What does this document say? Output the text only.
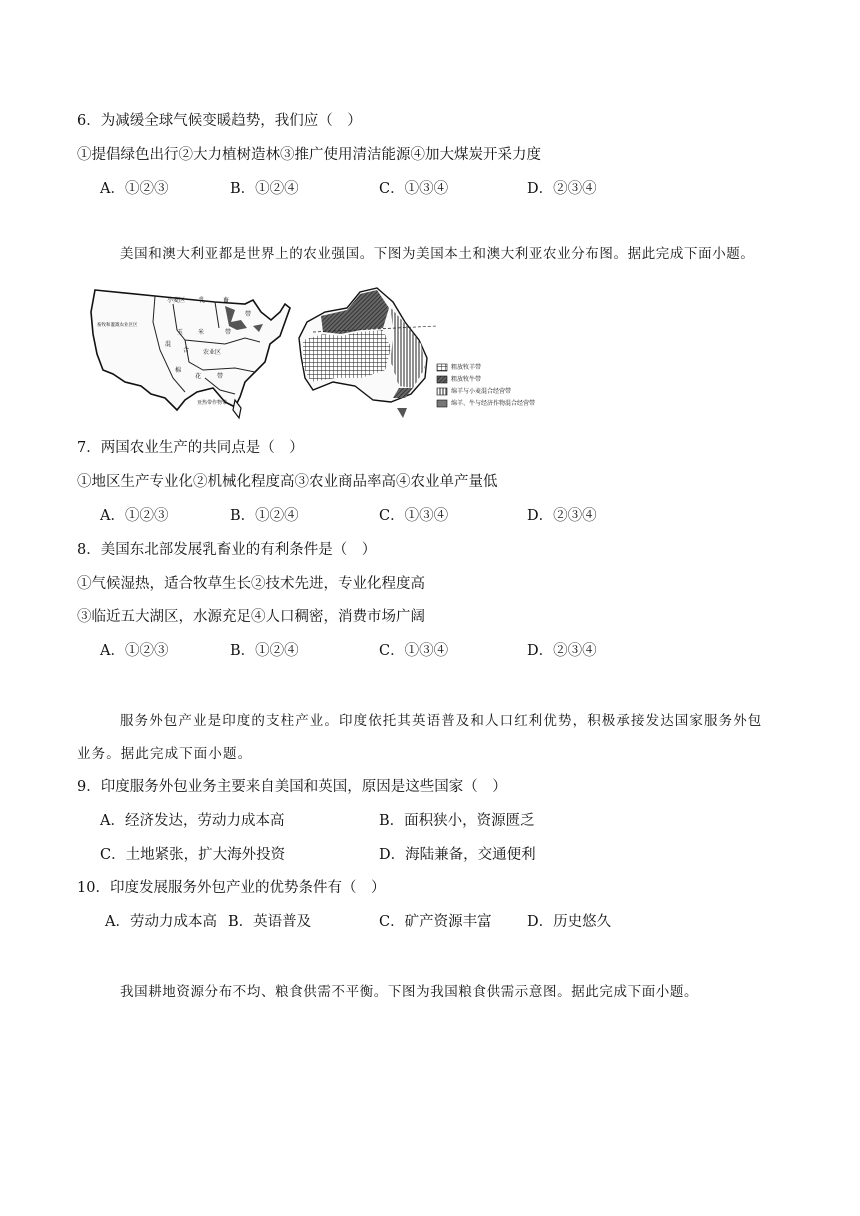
6．为减缓全球气候变暖趋势，我们应（　）
①提倡绿色出行②大力植树造林③推广使用清洁能源④加大煤炭开采力度
A．①②③	B．①②④	C．①③④	D．②③④
美国和澳大利亚都是世界上的农业强国。下图为美国本土和澳大利亚农业分布图。据此完成下面小题。
小麦区 乳	畜
带
畜牧和灌溉农业区区
玉 米	带
混
合 农业区
棉
花	带
亚热带作物带
粗放牧羊带
粗放牧牛带
绵羊与小麦混合经营带
绵羊、牛与经济作物混合经营带
7．两国农业生产的共同点是（　）
①地区生产专业化②机械化程度高③农业商品率高④农业单产量低
A．①②③	B．①②④	C．①③④	D．②③④
8．美国东北部发展乳畜业的有利条件是（　）
①气候湿热，适合牧草生长②技术先进，专业化程度高
③临近五大湖区，水源充足④人口稠密，消费市场广阔
A．①②③	B．①②④	C．①③④	D．②③④
服务外包产业是印度的支柱产业。印度依托其英语普及和人口红利优势，积极承接发达国家服务外包
业务。据此完成下面小题。
9．印度服务外包业务主要来自美国和英国，原因是这些国家（　）
A．经济发达，劳动力成本高	B．面积狭小，资源匮乏
C．土地紧张，扩大海外投资	D．海陆兼备，交通便利
10．印度发展服务外包产业的优势条件有（　）
A．劳动力成本高 B．英语普及	C．矿产资源丰富 D．历史悠久
我国耕地资源分布不均、粮食供需不平衡。下图为我国粮食供需示意图。据此完成下面小题。
